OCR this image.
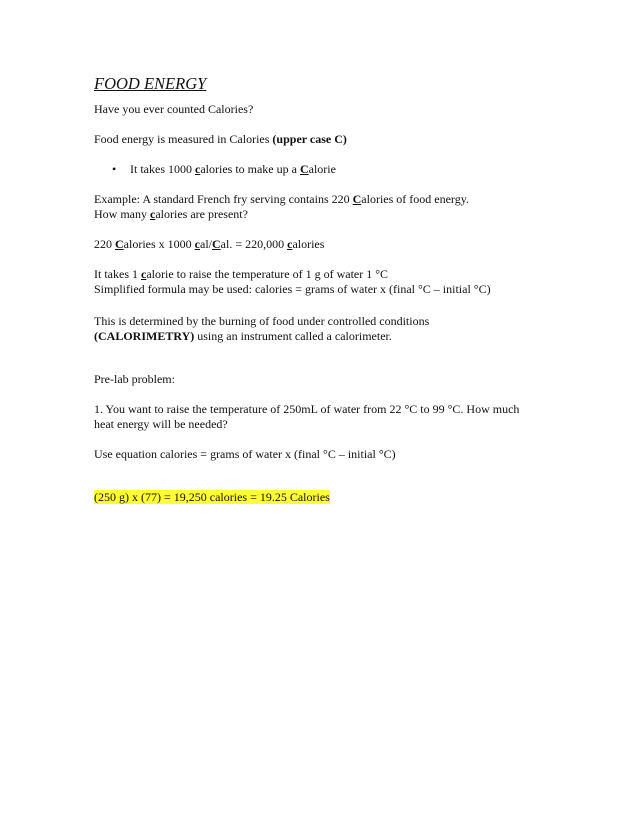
FOOD ENERGY
Have you ever counted Calories?
Food energy is measured in Calories (upper case C)
• It takes 1000 calories to make up a Calorie
Example: A standard French fry serving contains 220 Calories of food energy.
How many calories are present?
220 Calories x 1000 cal/Cal. = 220,000 calories
It takes 1 calorie to raise the temperature of 1 g of water 1 °C
Simplified formula may be used: calories = grams of water x (final °C – initial °C)
This is determined by the burning of food under controlled conditions
(CALORIMETRY) using an instrument called a calorimeter.
Pre-lab problem:
1. You want to raise the temperature of 250mL of water from 22 °C to 99 °C. How much
heat energy will be needed?
Use equation calories = grams of water x (final °C – initial °C)
(250 g) x (77) = 19,250 calories = 19.25 Calories
